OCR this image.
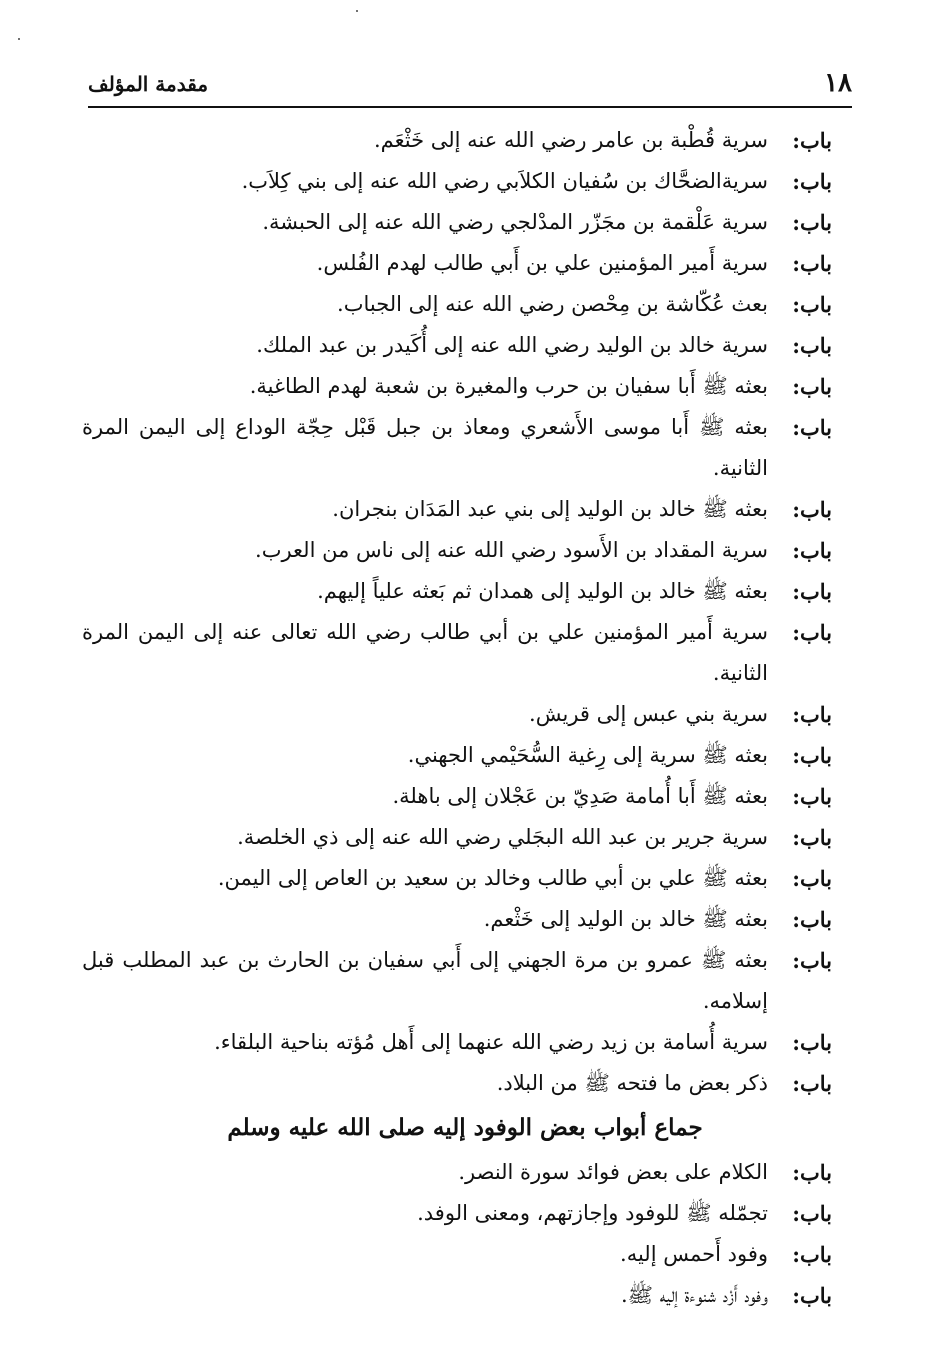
١٨
مقدمة المؤلف
باب:
سرية قُطْبة بن عامر رضي الله عنه إلى خَثْعَم.
باب:
سريةالضحَّاك بن سُفيان الكلاَبي رضي الله عنه إلى بني كِلاَب.
باب:
سرية عَلْقمة بن مجَزّر المدْلجي رضي الله عنه إلى الحبشة.
باب:
سرية أَمير المؤمنين علي بن أَبي طالب لهدم الفُلس.
باب:
بعث عُكّاشة بن مِحْصن رضي الله عنه إلى الجباب.
باب:
سرية خالد بن الوليد رضي الله عنه إلى أُكَيدر بن عبد الملك.
باب:
بعثه ﷺ أَبا سفيان بن حرب والمغيرة بن شعبة لهدم الطاغية.
باب:
بعثه ﷺ أَبا موسى الأَشعري ومعاذ بن جبل قَبْل حِجّة الوداع إلى اليمن المرة الثانية.
باب:
بعثه ﷺ خالد بن الوليد إلى بني عبد المَدَان بنجران.
باب:
سرية المقداد بن الأَسود رضي الله عنه إلى ناس من العرب.
باب:
بعثه ﷺ خالد بن الوليد إلى همدان ثم بَعثه علياً إليهم.
باب:
سرية أَمير المؤمنين علي بن أبي طالب رضي الله تعالى عنه إلى اليمن المرة الثانية.
باب:
سرية بني عبس إلى قريش.
باب:
بعثه ﷺ سرية إلى رِغية السُّحَيْمي الجهني.
باب:
بعثه ﷺ أَبا أُمامة صَدِيّ بن عَجْلان إلى باهلة.
باب:
سرية جرير بن عبد الله البجَلي رضي الله عنه إلى ذي الخلصة.
باب:
بعثه ﷺ علي بن أبي طالب وخالد بن سعيد بن العاص إلى اليمن.
باب:
بعثه ﷺ خالد بن الوليد إلى خَثْعم.
باب:
بعثه ﷺ عمرو بن مرة الجهني إلى أَبي سفيان بن الحارث بن عبد المطلب قبل إسلامه.
باب:
سرية أُسامة بن زيد رضي الله عنهما إلى أَهل مُؤته بناحية البلقاء.
باب:
ذكر بعض ما فتحه ﷺ من البلاد.
جماع أبواب بعض الوفود إليه صلى الله عليه وسلم
باب:
الكلام على بعض فوائد سورة النصر.
باب:
تجمّله ﷺ للوفود وإجازتهم، ومعنى الوفد.
باب:
وفود أَحمس إليه.
باب:
وفود أَزْد شنوءة إليه ﷺ.
